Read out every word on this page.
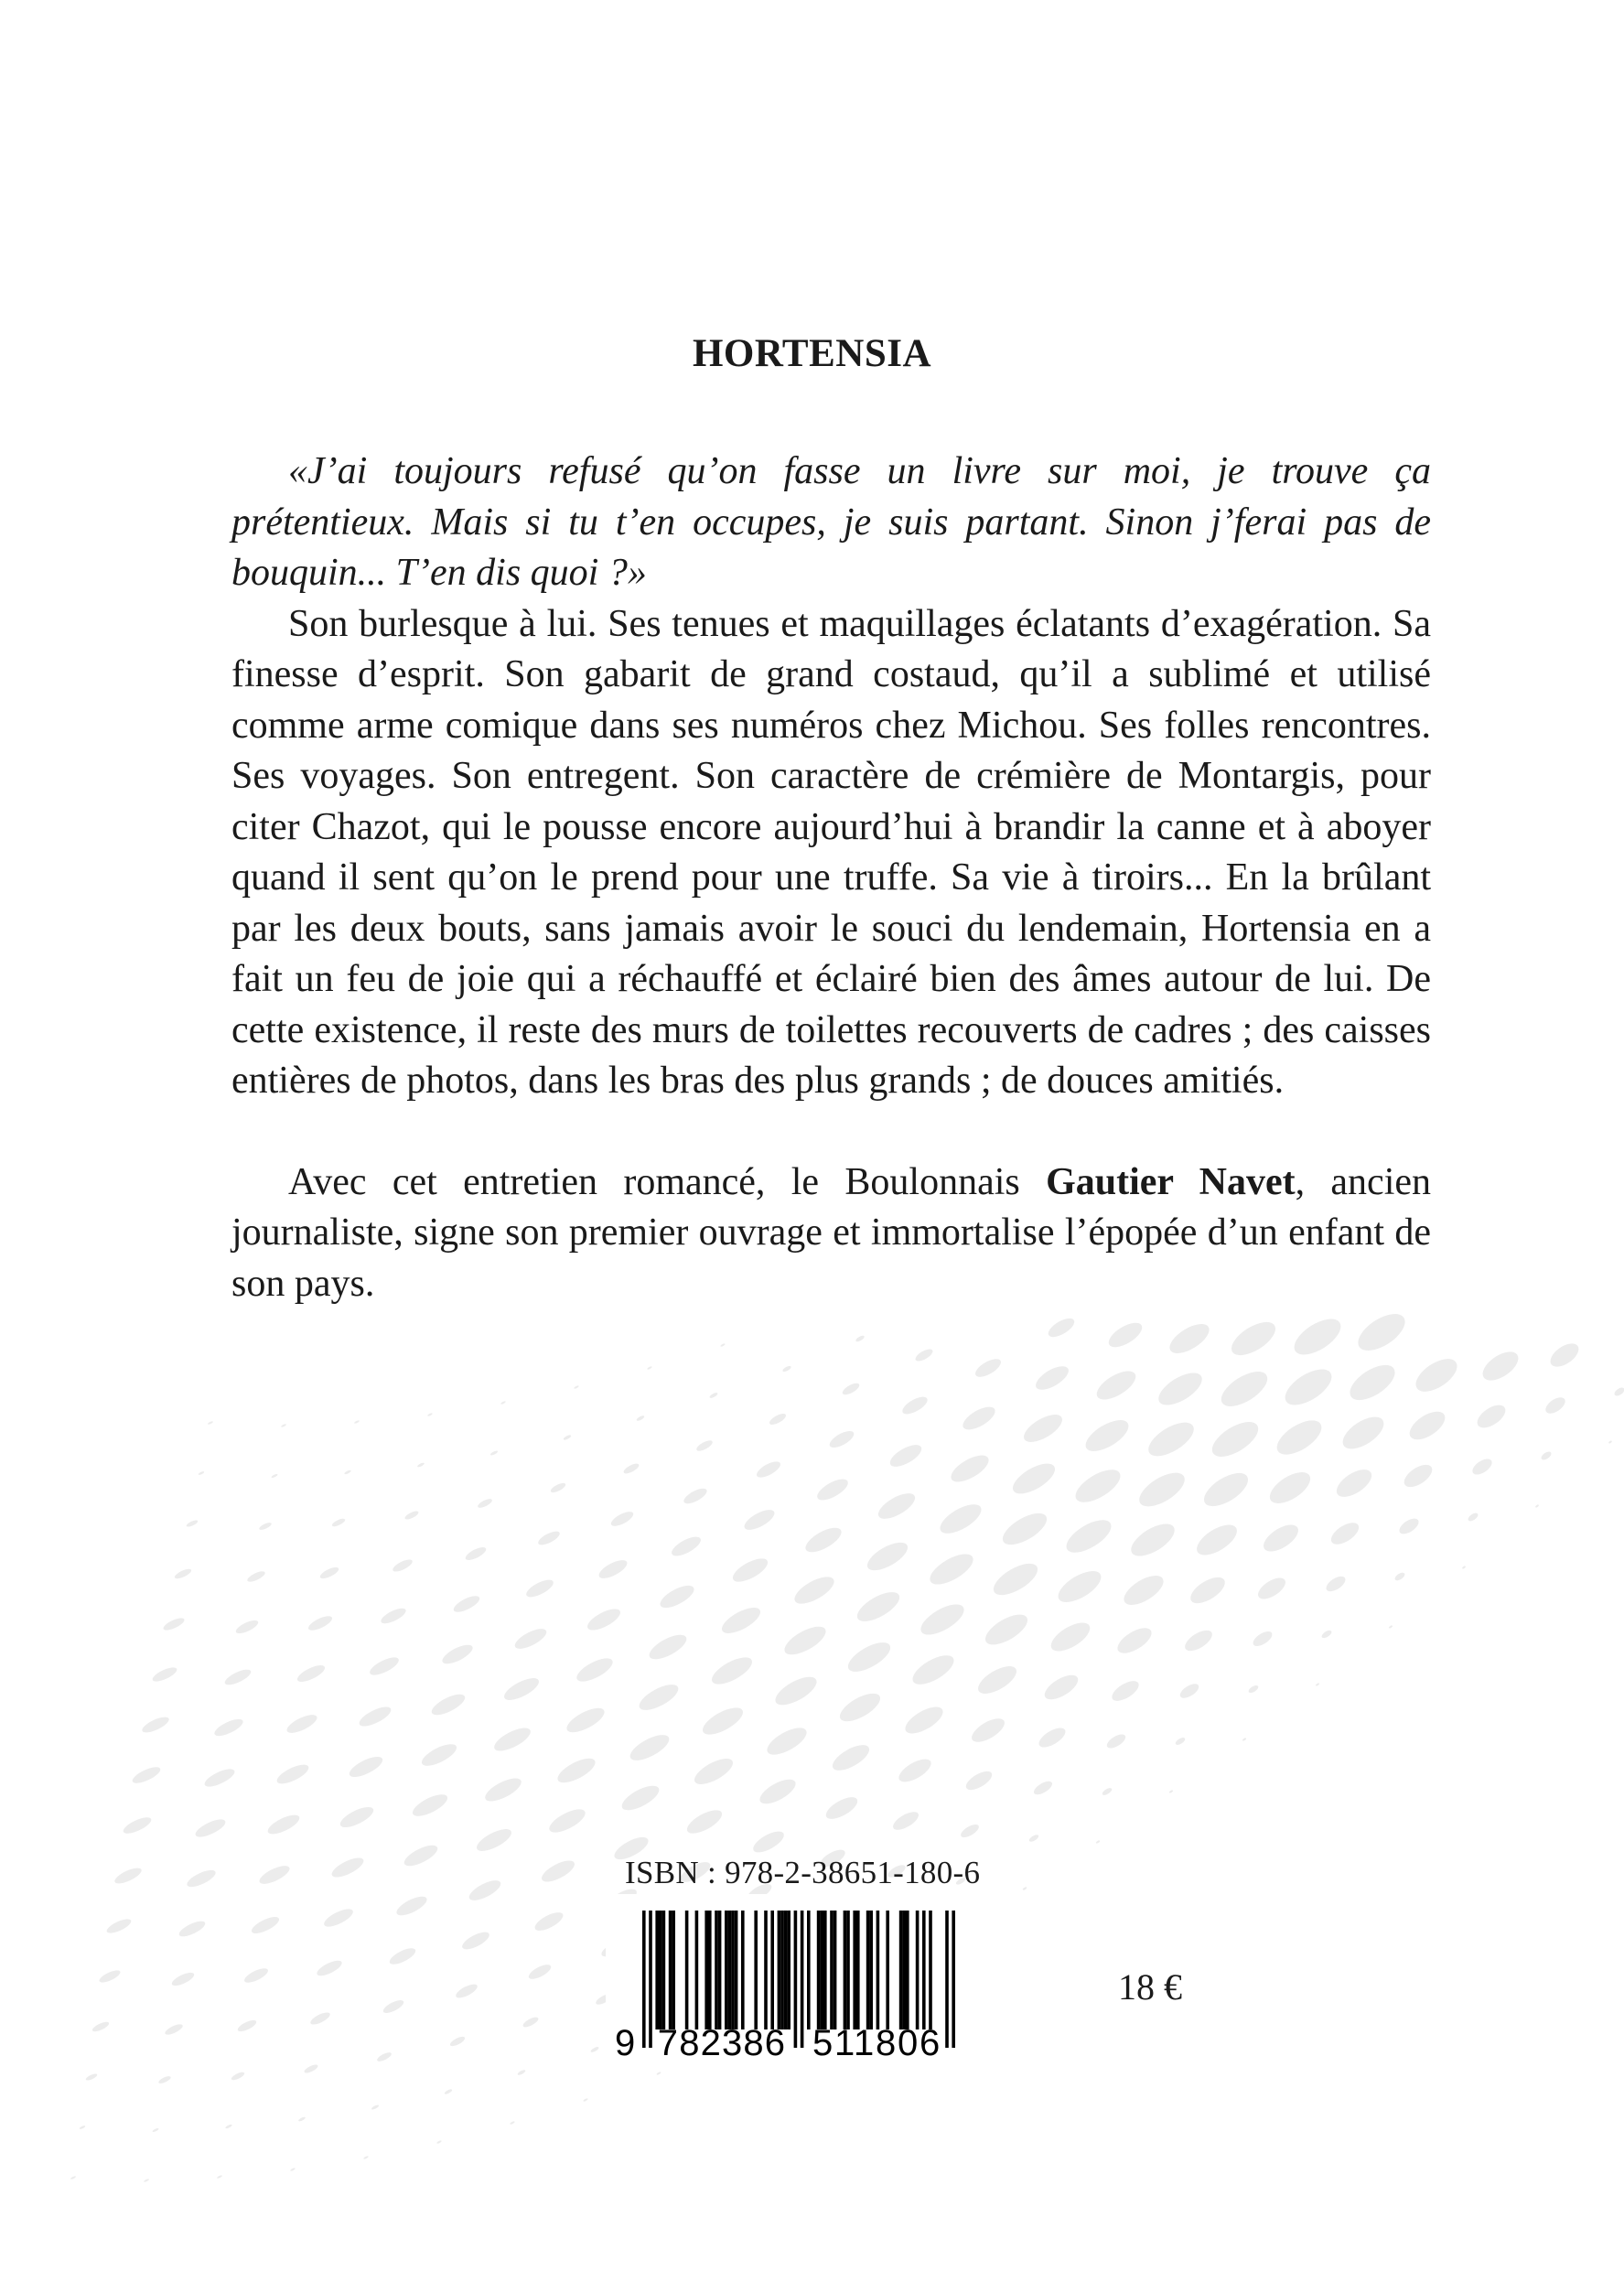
HORTENSIA

«J’ai toujours refusé qu’on fasse un livre sur moi, je trouve ça prétentieux. Mais si tu t’en occupes, je suis partant. Sinon j’ferai pas de bouquin... T’en dis quoi ?»

Son burlesque à lui. Ses tenues et maquillages éclatants d’exagération. Sa finesse d’esprit. Son gabarit de grand costaud, qu’il a sublimé et utilisé comme arme comique dans ses numéros chez Michou. Ses folles rencontres. Ses voyages. Son entregent. Son caractère de crémière de Montargis, pour citer Chazot, qui le pousse encore aujourd’hui à brandir la canne et à aboyer quand il sent qu’on le prend pour une truffe. Sa vie à tiroirs... En la brûlant par les deux bouts, sans jamais avoir le souci du lendemain, Hortensia en a fait un feu de joie qui a réchauffé et éclairé bien des âmes autour de lui. De cette existence, il reste des murs de toilettes recouverts de cadres ; des caisses entières de photos, dans les bras des plus grands ; de douces amitiés.

Avec cet entretien romancé, le Boulonnais Gautier Navet, ancien journaliste, signe son premier ouvrage et immortalise l’épopée d’un enfant de son pays.

ISBN : 978-2-38651-180-6
9 782386 511806
18 €
